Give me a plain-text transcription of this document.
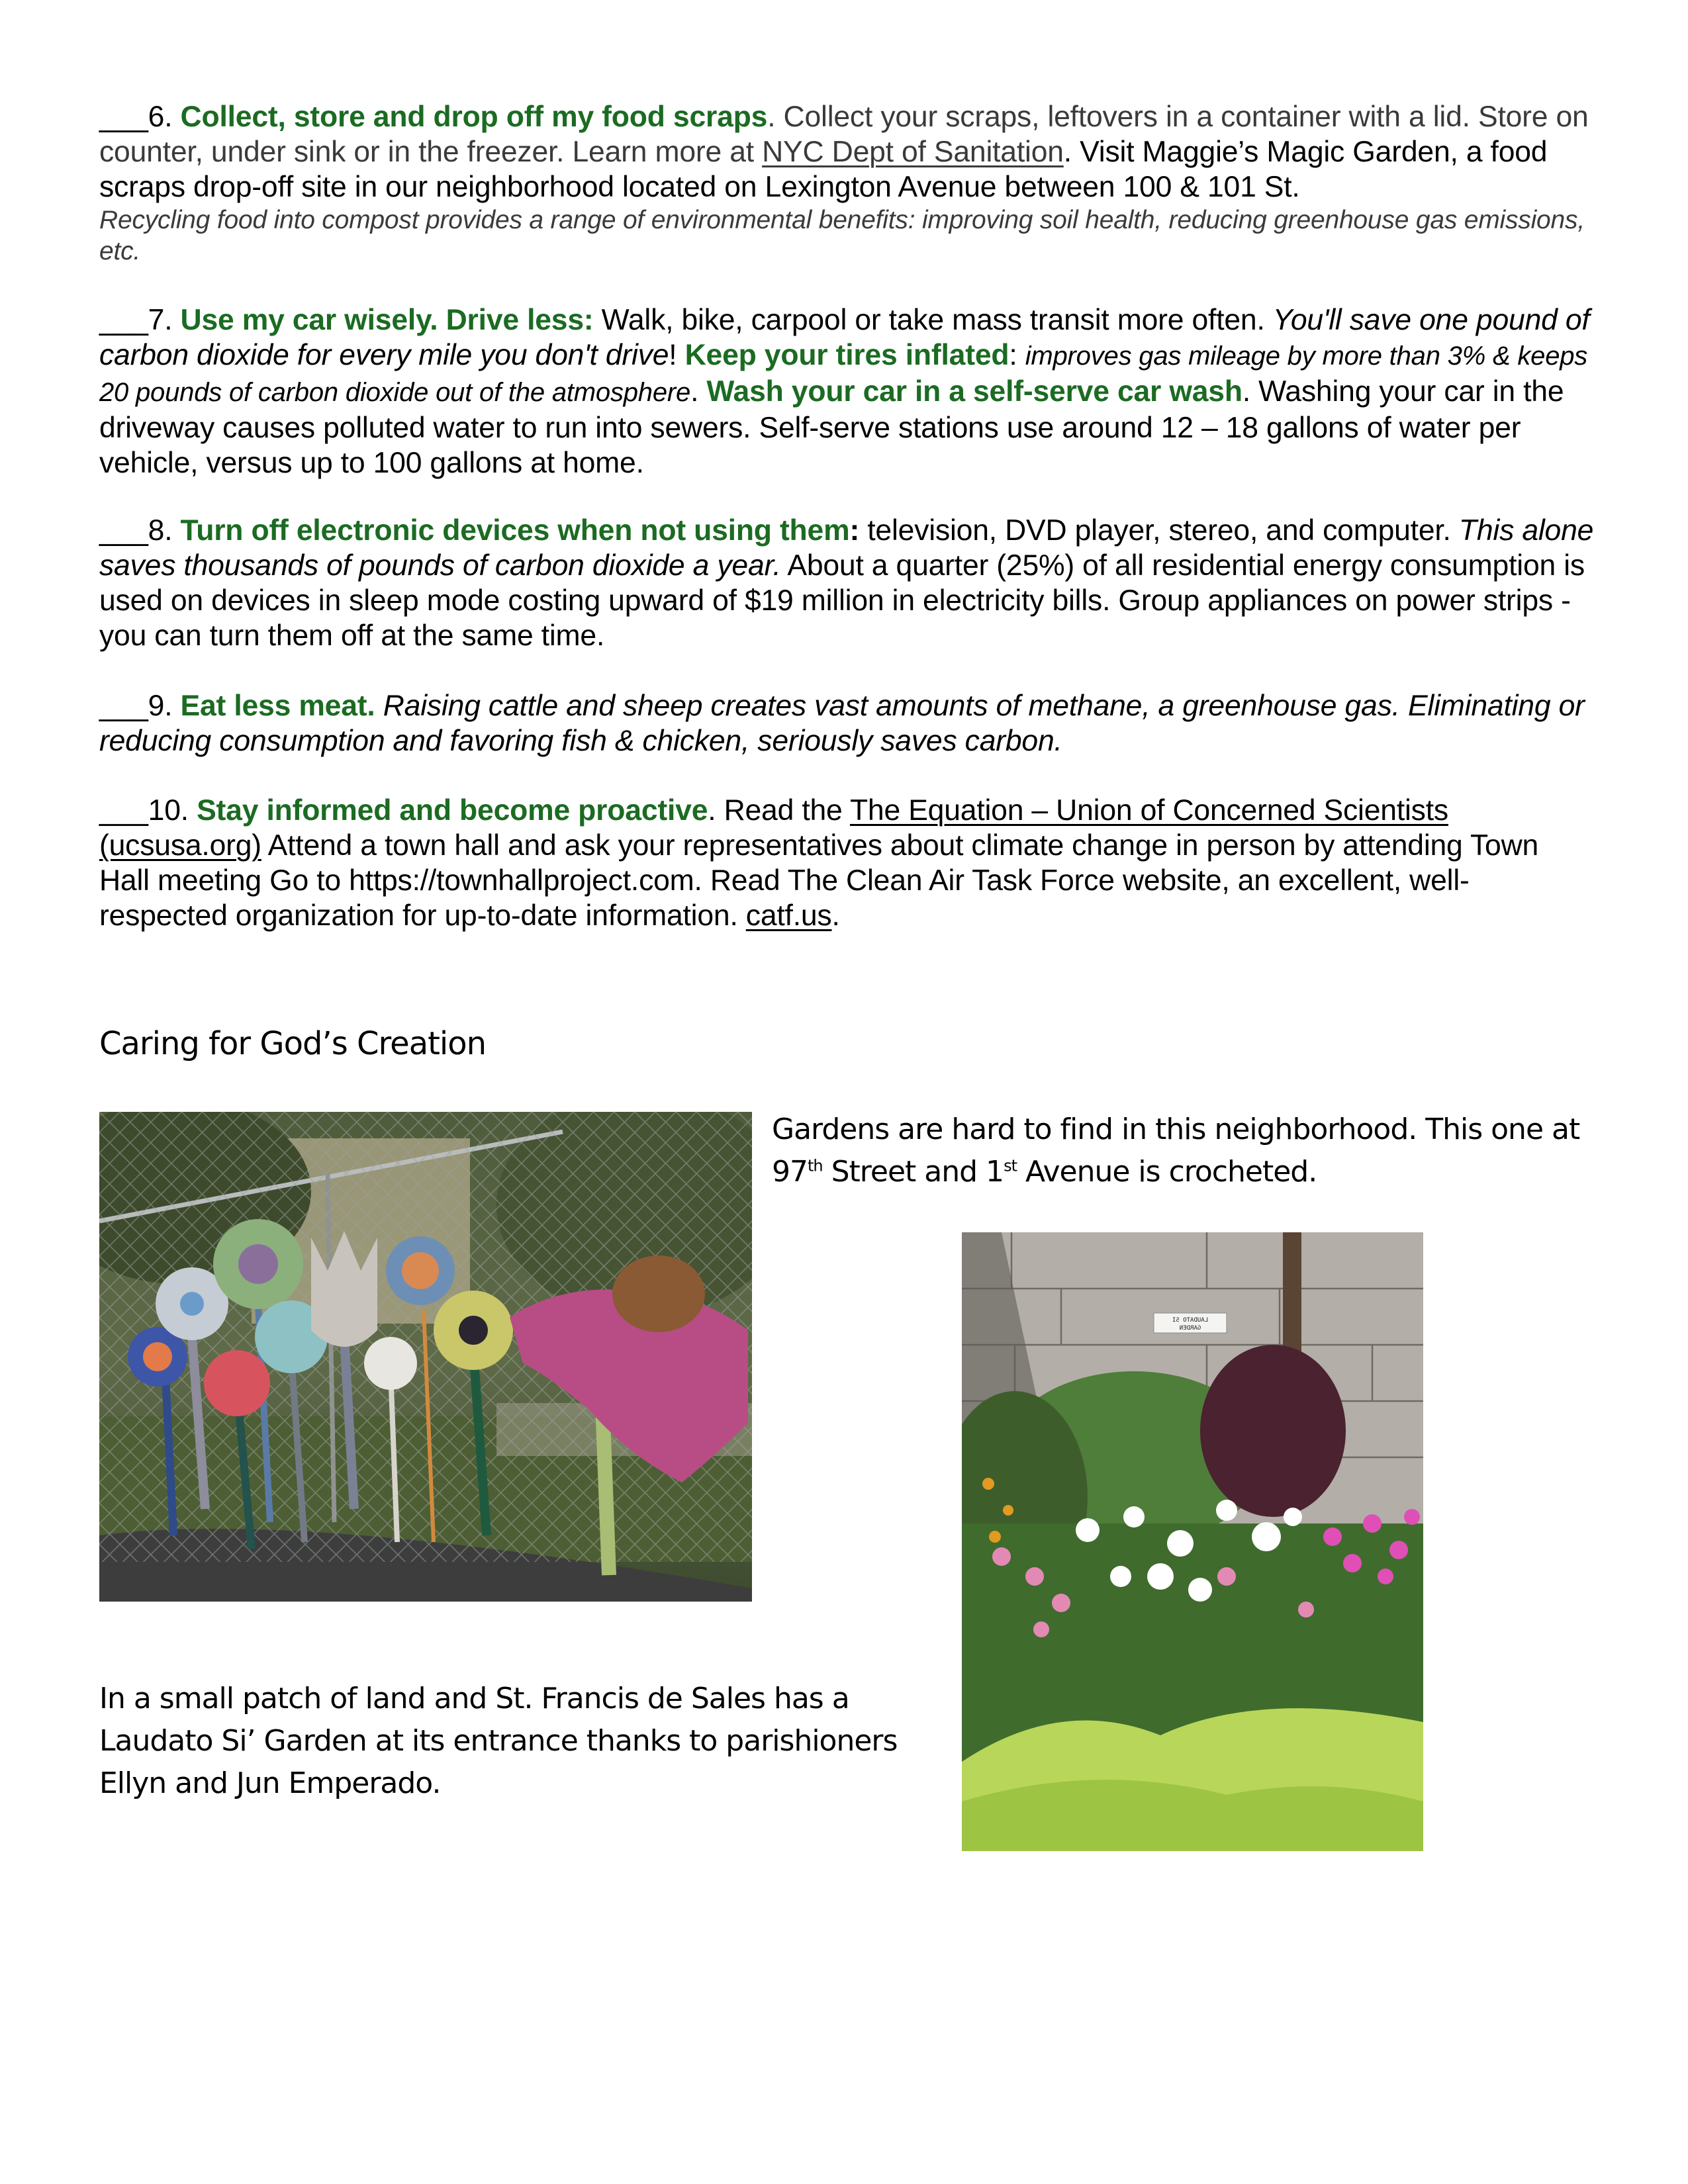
___6. Collect, store and drop off my food scraps. Collect your scraps, leftovers in a container with a lid. Store on counter, under sink or in the freezer. Learn more at NYC Dept of Sanitation. Visit Maggie’s Magic Garden, a food scraps drop-off site in our neighborhood located on Lexington Avenue between 100 & 101 St.
Recycling food into compost provides a range of environmental benefits: improving soil health, reducing greenhouse gas emissions, etc.
___7. Use my car wisely. Drive less: Walk, bike, carpool or take mass transit more often. You'll save one pound of carbon dioxide for every mile you don't drive! Keep your tires inflated: improves gas mileage by more than 3% & keeps 20 pounds of carbon dioxide out of the atmosphere. Wash your car in a self-serve car wash. Washing your car in the driveway causes polluted water to run into sewers. Self-serve stations use around 12 – 18 gallons of water per vehicle, versus up to 100 gallons at home.
___8. Turn off electronic devices when not using them: television, DVD player, stereo, and computer. This alone saves thousands of pounds of carbon dioxide a year. About a quarter (25%) of all residential energy consumption is used on devices in sleep mode costing upward of $19 million in electricity bills. Group appliances on power strips - you can turn them off at the same time.
___9. Eat less meat. Raising cattle and sheep creates vast amounts of methane, a greenhouse gas. Eliminating or reducing consumption and favoring fish & chicken, seriously saves carbon.
___10. Stay informed and become proactive. Read the The Equation – Union of Concerned Scientists (ucsusa.org) Attend a town hall and ask your representatives about climate change in person by attending Town Hall meeting Go to https://townhallproject.com. Read The Clean Air Task Force website, an excellent, well-respected organization for up-to-date information. catf.us.
Caring for God’s Creation
Gardens are hard to find in this neighborhood. This one at 97th Street and 1st Avenue is crocheted.
LAUDATO SI
GARDEN
In a small patch of land and St. Francis de Sales has a Laudato Si’ Garden at its entrance thanks to parishioners Ellyn and Jun Emperado.
